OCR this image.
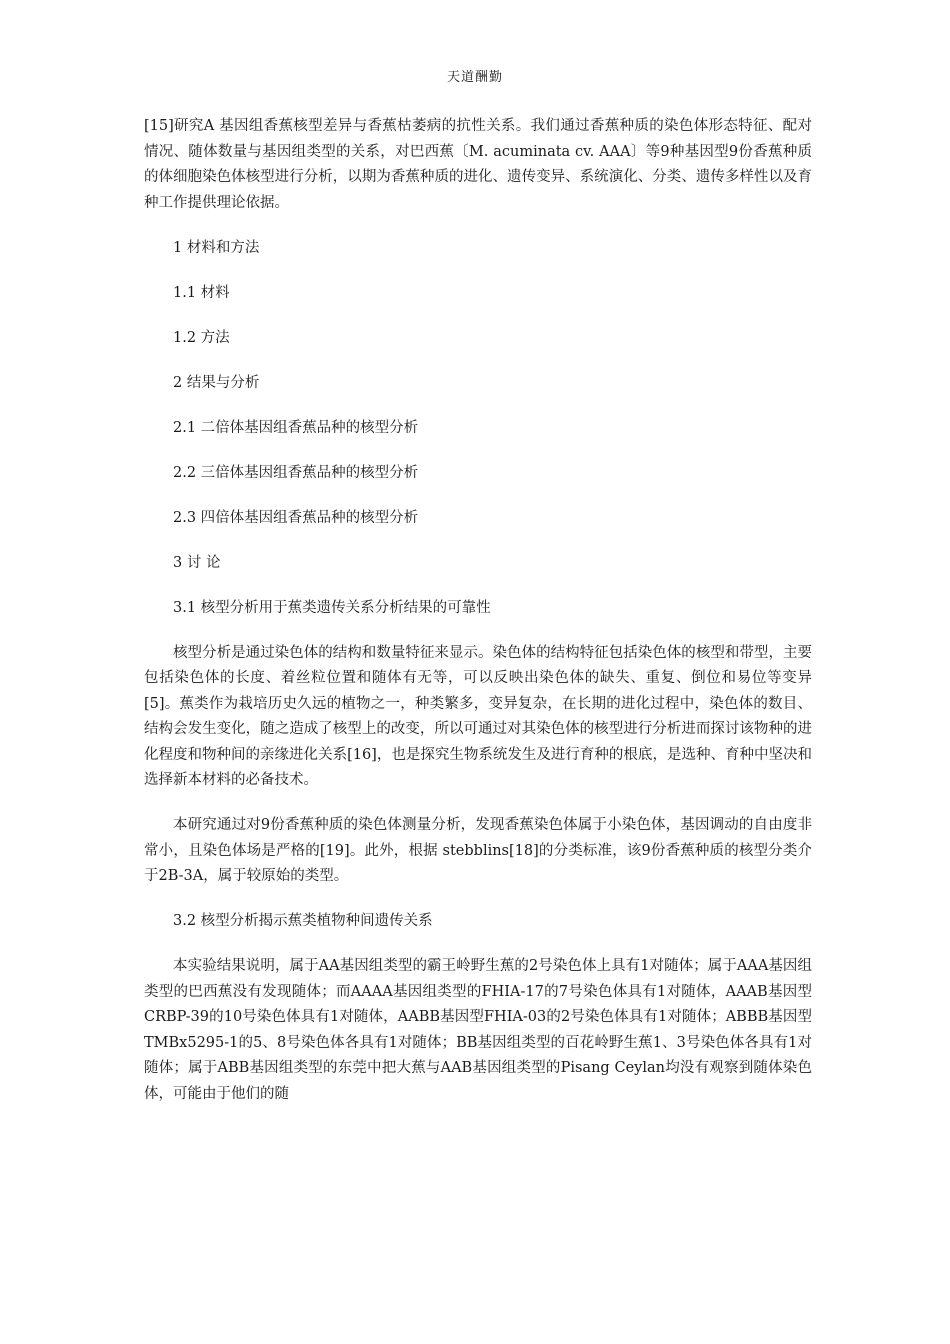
天道酬勤

[15]研究A 基因组香蕉核型差异与香蕉枯萎病的抗性关系。我们通过香蕉种质的染色体形态特征、配对情况、随体数量与基因组类型的关系，对巴西蕉〔M. acuminata cv. AAA〕等9种基因型9份香蕉种质的体细胞染色体核型进行分析，以期为香蕉种质的进化、遗传变异、系统演化、分类、遗传多样性以及育种工作提供理论依据。

1 材料和方法

1.1 材料

1.2 方法

2 结果与分析

2.1 二倍体基因组香蕉品种的核型分析

2.2 三倍体基因组香蕉品种的核型分析

2.3 四倍体基因组香蕉品种的核型分析

3 讨 论

3.1 核型分析用于蕉类遗传关系分析结果的可靠性

核型分析是通过染色体的结构和数量特征来显示。染色体的结构特征包括染色体的核型和带型，主要包括染色体的长度、着丝粒位置和随体有无等，可以反映出染色体的缺失、重复、倒位和易位等变异[5]。蕉类作为栽培历史久远的植物之一，种类繁多，变异复杂，在长期的进化过程中，染色体的数目、结构会发生变化，随之造成了核型上的改变，所以可通过对其染色体的核型进行分析进而探讨该物种的进化程度和物种间的亲缘进化关系[16]，也是探究生物系统发生及进行育种的根底，是选种、育种中坚决和选择新本材料的必备技术。

本研究通过对9份香蕉种质的染色体测量分析，发现香蕉染色体属于小染色体，基因调动的自由度非常小，且染色体场是严格的[19]。此外，根据 stebblins[18]的分类标准，该9份香蕉种质的核型分类介于2B-3A，属于较原始的类型。

3.2 核型分析揭示蕉类植物种间遗传关系

本实验结果说明，属于AA基因组类型的霸王岭野生蕉的2号染色体上具有1对随体；属于AAA基因组类型的巴西蕉没有发现随体；而AAAA基因组类型的FHIA-17的7号染色体具有1对随体，AAAB基因型CRBP-39的10号染色体具有1对随体，AABB基因型FHIA-03的2号染色体具有1对随体；ABBB基因型TMBx5295-1的5、8号染色体各具有1对随体；BB基因组类型的百花岭野生蕉1、3号染色体各具有1对随体；属于ABB基因组类型的东莞中把大蕉与AAB基因组类型的Pisang Ceylan均没有观察到随体染色体，可能由于他们的随
